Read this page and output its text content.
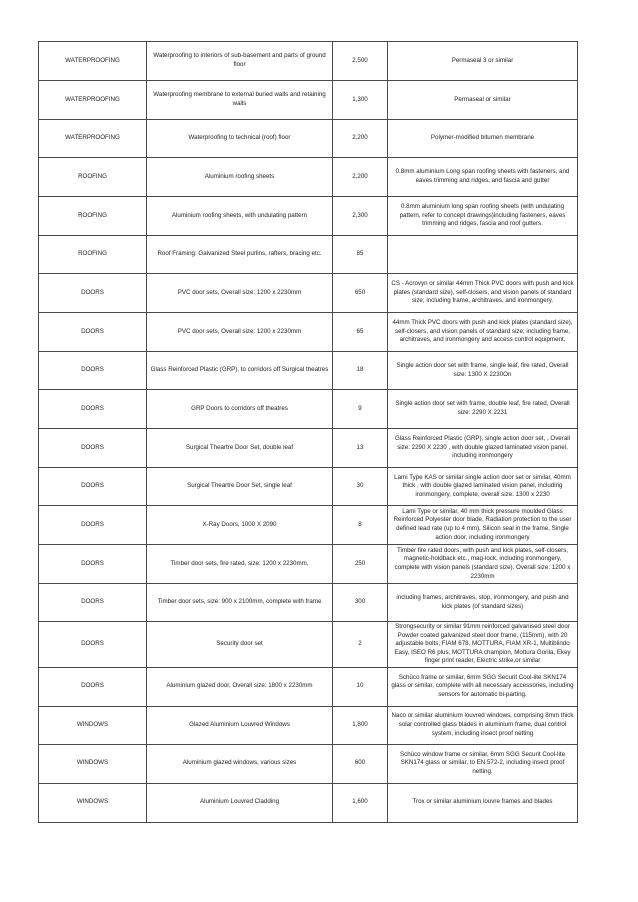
WATERPROOFING	Waterproofing to interiors of sub-basement and parts of ground floor	2,500	Permaseal 3 or similar
WATERPROOFING	Waterproofing membrane to external buried walls and retaining walls	1,300	Permaseal or similar
WATERPROOFING	Waterproofing to technical (roof) floor	2,200	Polymer-modified bitumen membrane
ROOFING	Aluminium roofing sheets	2,200	0.8mm aluminium Long span roofing sheets with fasteners, and eaves trimming and ridges, and fascia and gutter
ROOFING	Aluminium roofing sheets, with undulating pattern	2,300	0.8mm aluminium long span roofing sheets (with undulating pattern, refer to concept drawings)including fasteners, eaves trimming and ridges, fascia and roof gutters.
ROOFING	Roof Framing: Galvanized Steel purlins, rafters, bracing etc.	85	
DOORS	PVC door sets, Overall size: 1200 x 2230mm	650	CS - Acrovyn or similar 44mm Thick PVC doors with push and kick plates (standard size), self-closers, and vision panels of standard size; including frame, architraves, and ironmongery.
DOORS	PVC door sets, Overall size: 1200 x 2230mm	65	44mm Thick PVC doors with push and kick plates (standard size), self-closers, and vision panels of standard size; including frame, architraves, and ironmongery and access control equipment,
DOORS	Glass Reinforced Plastic (GRP), to corridors off Surgical theatres	18	Single action door set with frame, single leaf, fire rated, Overall size: 1300 X 2230On
DOORS	GRP Doors to corridors off theatres	9	Single action door set with frame, double leaf, fire rated, Overall size: 2290 X 2231
DOORS	Surgical Theartre Door Set, double leaf	13	Glass Reinforced Plastic (GRP), single action door set, , Overall size: 2290 X 2230 , with double glazed laminated vision panel, including ironmongery
DOORS	Surgical Theartre Door Set, single leaf	30	Lami Type KAS or similar single action door set or similar, 40mm thick , with double glazed laminated vision panel, including ironmongery, complete, overall size: 1300 x 2230
DOORS	X-Ray Doors, 1000 X 2090	8	Lami Type or similar, 40 mm thick pressure moulded Glass Reinforced Polyester door blade, Radiation protection to the user defined lead rate (up to 4 mm), Silicon seal in the frame, Single action door, including ironmongery
DOORS	Timber door sets, fire rated, size: 1200 x 2230mm,	250	Timber fire rated doors, with push and kick plates, self-closers, magnetic-holdback etc., mag-lock, including ironmongery, complete with vision panels (standard size). Overall size: 1200 x 2230mm
DOORS	Timber door sets, size: 900 x 2100mm, complete with frame	300	including frames, architraves, stop, ironmongery, and push and kick plates (of standard sizes)
DOORS	Security door set	2	Strongsecurity or similar 91mm reinforced galvanised steel door Powder coated galvanized steel door frame, (115mm), with 20 adjustable bolts, FIAM 678, MOTTURA, FIAM XR-1, Multiblindo Easy, ISEO R6 plus, MOTTURA champion, Mottura Gorila, Ekey finger print reader, Electric strike,or similar
DOORS	Aluminium glazed door, Overall size: 1800 x 2230mm	10	Schüco frame or similar, 6mm SGG Securit Cool-lite SKN174 glass or similar, complete with all necessary accessories, including sensors for automatic bi-parting.
WINDOWS	Glazed Aluminium Louvred Windows	1,800	Naco or similar aluminium louvred windows, comprising 8mm thick solar controlled glass blades in aluminium frame, dual control system, including insect proof netting
WINDOWS	Aluminium glazed windows, various sizes	600	Schüco window frame or similar, 6mm SGG Securit Cool-lite SKN174 glass or similar, to EN 572-2, including insect proof netting.
WINDOWS	Aluminium Louvred Cladding	1,600	Trox or similar aluminium louvre frames and blades
